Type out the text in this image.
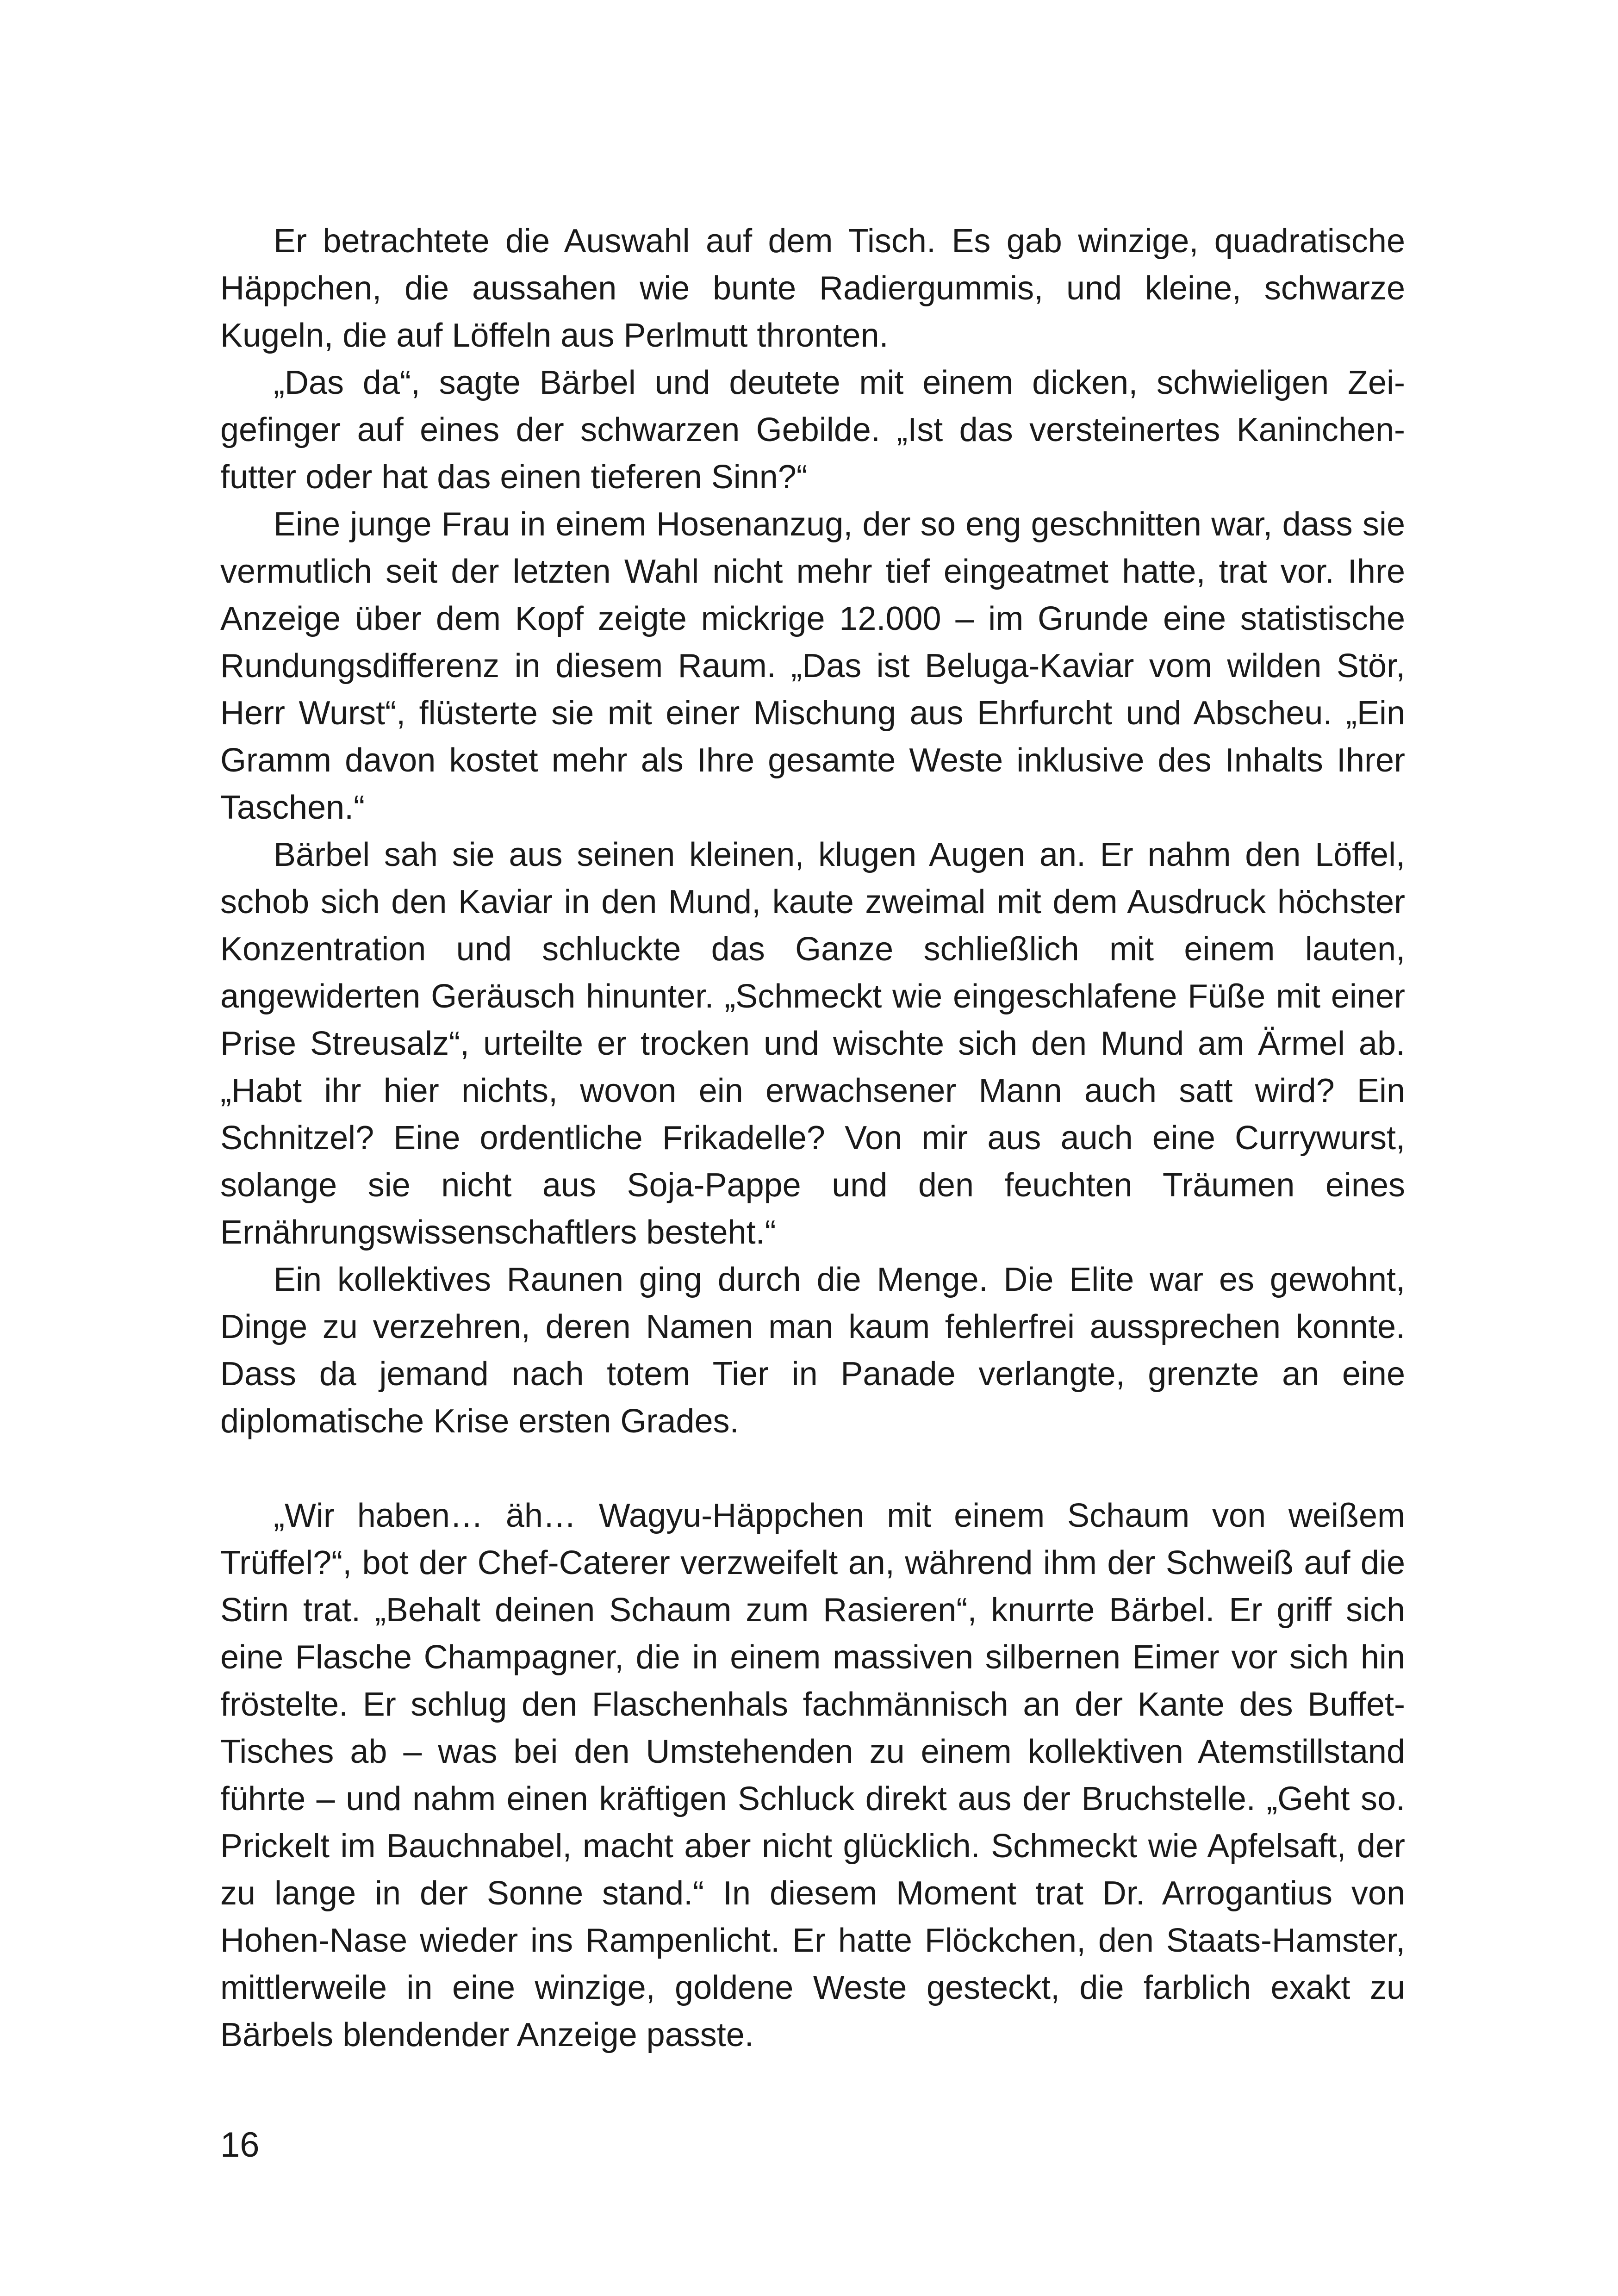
Er betrachtete die Auswahl auf dem Tisch. Es gab winzige, quadratische Häppchen, die aussahen wie bunte Radiergummis, und kleine, schwarze Kugeln, die auf Löffeln aus Perlmutt thronten.

„Das da“, sagte Bärbel und deutete mit einem dicken, schwieligen Zeigefinger auf eines der schwarzen Gebilde. „Ist das versteinertes Kaninchenfutter oder hat das einen tieferen Sinn?“

Eine junge Frau in einem Hosenanzug, der so eng geschnitten war, dass sie vermutlich seit der letzten Wahl nicht mehr tief eingeatmet hatte, trat vor. Ihre Anzeige über dem Kopf zeigte mickrige 12.000 – im Grunde eine statistische Rundungsdifferenz in diesem Raum. „Das ist Beluga-Kaviar vom wilden Stör, Herr Wurst“, flüsterte sie mit einer Mischung aus Ehrfurcht und Abscheu. „Ein Gramm davon kostet mehr als Ihre gesamte Weste inklusive des Inhalts Ihrer Taschen.“

Bärbel sah sie aus seinen kleinen, klugen Augen an. Er nahm den Löffel, schob sich den Kaviar in den Mund, kaute zweimal mit dem Ausdruck höchster Konzentration und schluckte das Ganze schließlich mit einem lauten, angewiderten Geräusch hinunter. „Schmeckt wie eingeschlafene Füße mit einer Prise Streusalz“, urteilte er trocken und wischte sich den Mund am Ärmel ab. „Habt ihr hier nichts, wovon ein erwachsener Mann auch satt wird? Ein Schnitzel? Eine ordentliche Frikadelle? Von mir aus auch eine Currywurst, solange sie nicht aus Soja-Pappe und den feuchten Träumen eines Ernährungswissenschaftlers besteht.“

Ein kollektives Raunen ging durch die Menge. Die Elite war es gewohnt, Dinge zu verzehren, deren Namen man kaum fehlerfrei aussprechen konnte. Dass da jemand nach totem Tier in Panade verlangte, grenzte an eine diplomatische Krise ersten Grades.

„Wir haben… äh… Wagyu-Häppchen mit einem Schaum von weißem Trüffel?“, bot der Chef-Caterer verzweifelt an, während ihm der Schweiß auf die Stirn trat. „Behalt deinen Schaum zum Rasieren“, knurrte Bärbel. Er griff sich eine Flasche Champagner, die in einem massiven silbernen Eimer vor sich hin fröstelte. Er schlug den Flaschenhals fachmännisch an der Kante des Buffet-Tisches ab – was bei den Umstehenden zu einem kollektiven Atemstillstand führte – und nahm einen kräftigen Schluck direkt aus der Bruchstelle. „Geht so. Prickelt im Bauchnabel, macht aber nicht glücklich. Schmeckt wie Apfelsaft, der zu lange in der Sonne stand.“ In diesem Moment trat Dr. Arrogantius von Hohen-Nase wieder ins Rampenlicht. Er hatte Flöckchen, den Staats-Hamster, mittlerweile in eine winzige, goldene Weste gesteckt, die farblich exakt zu Bärbels blendender Anzeige passte.

16
